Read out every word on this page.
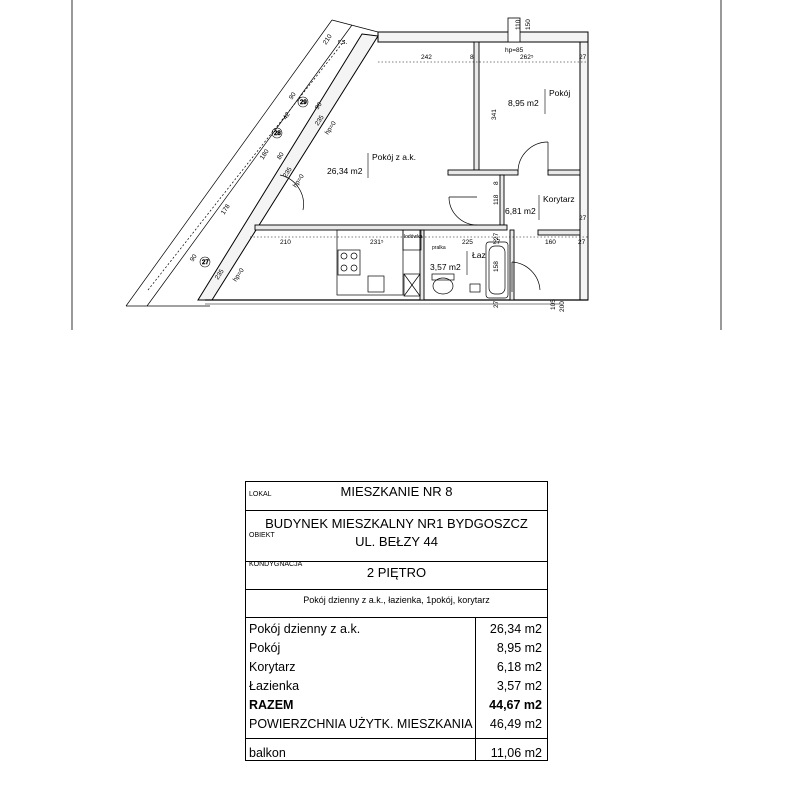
29
28
27
Pokój z a.k.
26,34 m2
Pokój
8,95 m2
Korytarz
6,81 m2
Łaz
3,57 m2
lodówka
pralka
242	8	262⁵	27
27
hp=85
r.s.
210	231⁵	225	27	160	27
341
118
8
158
27
27
110 150
105 200
210
90
42
180
178
90
90
235
235
80
235
hp=0
hp=0
hp=0
LOKAL	MIESZKANIE NR 8
OBIEKT
BUDYNEK MIESZKALNY NR1 BYDGOSZCZ
UL. BEŁZY 44
KONDYGNACJA
2 PIĘTRO
Pokój dzienny z a.k., łazienka, 1pokój, korytarz
Pokój dzienny z a.k.	26,34 m2
Pokój	8,95 m2
Korytarz	6,18 m2
Łazienka	3,57 m2
RAZEM	44,67 m2
POWIERZCHNIA UŻYTK. MIESZKANIA 46,49 m2
balkon	11,06 m2
